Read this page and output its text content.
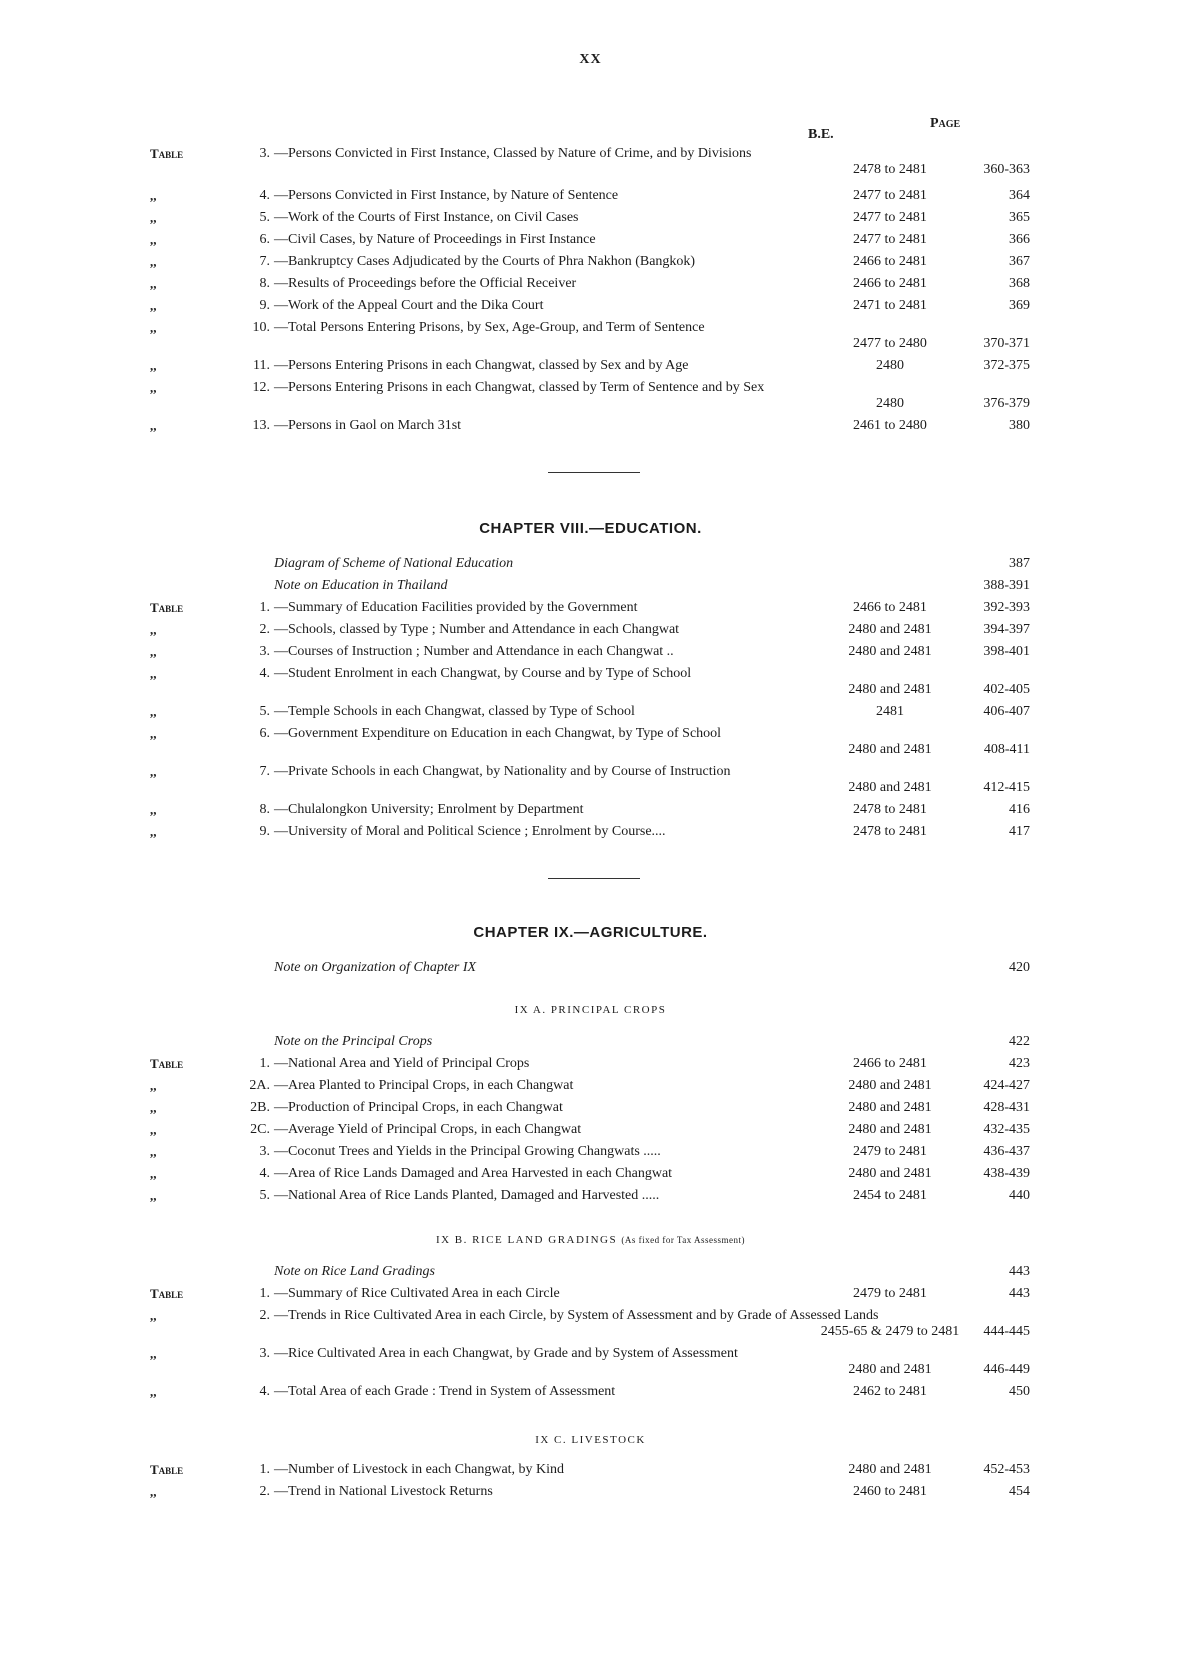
XX
B.E.
Page
Table	3. —Persons Convicted in First Instance, Classed by Nature of Crime, and by Divisions
2478 to 2481	360-363
,,	4. —Persons Convicted in First Instance, by Nature of Sentence	2477 to 2481	364
,,	5. —Work of the Courts of First Instance, on Civil Cases	2477 to 2481	365
,,	6. —Civil Cases, by Nature of Proceedings in First Instance	2477 to 2481	366
,,	7. —Bankruptcy Cases Adjudicated by the Courts of Phra Nakhon (Bangkok)	2466 to 2481	367
,,	8. —Results of Proceedings before the Official Receiver	2466 to 2481	368
,,	9. —Work of the Appeal Court and the Dika Court	2471 to 2481	369
,,	10. —Total Persons Entering Prisons, by Sex, Age-Group, and Term of Sentence
2477 to 2480	370-371
,,	11. —Persons Entering Prisons in each Changwat, classed by Sex and by Age	2480	372-375
,,	12. —Persons Entering Prisons in each Changwat, classed by Term of Sentence and by Sex
2480	376-379
,,	13. —Persons in Gaol on March 31st	2461 to 2480	380
CHAPTER VIII.—EDUCATION.
Diagram of Scheme of National Education	387
Note on Education in Thailand	388-391
Table	1. —Summary of Education Facilities provided by the Government	2466 to 2481	392-393
,,	2. —Schools, classed by Type ; Number and Attendance in each Changwat	2480 and 2481	394-397
,,	3. —Courses of Instruction ; Number and Attendance in each Changwat ..	2480 and 2481	398-401
,,	4. —Student Enrolment in each Changwat, by Course and by Type of School
2480 and 2481	402-405
,,	5. —Temple Schools in each Changwat, classed by Type of School	2481	406-407
,,	6. —Government Expenditure on Education in each Changwat, by Type of School
2480 and 2481	408-411
,,	7. —Private Schools in each Changwat, by Nationality and by Course of Instruction
2480 and 2481	412-415
,,	8. —Chulalongkon University; Enrolment by Department	2478 to 2481	416
,,	9. —University of Moral and Political Science ; Enrolment by Course....	2478 to 2481	417
CHAPTER IX.—AGRICULTURE.
Note on Organization of Chapter IX	420
IX A. PRINCIPAL CROPS
Note on the Principal Crops	422
Table	1. —National Area and Yield of Principal Crops	2466 to 2481	423
,,	2A. —Area Planted to Principal Crops, in each Changwat	2480 and 2481	424-427
,,	2B. —Production of Principal Crops, in each Changwat	2480 and 2481	428-431
,,	2C. —Average Yield of Principal Crops, in each Changwat	2480 and 2481	432-435
,,	3. —Coconut Trees and Yields in the Principal Growing Changwats .....	2479 to 2481	436-437
,,	4. —Area of Rice Lands Damaged and Area Harvested in each Changwat	2480 and 2481	438-439
,,	5. —National Area of Rice Lands Planted, Damaged and Harvested .....	2454 to 2481	440
IX B. RICE LAND GRADINGS (As fixed for Tax Assessment)
Note on Rice Land Gradings	443
Table	1. —Summary of Rice Cultivated Area in each Circle	2479 to 2481	443
,,	2. —Trends in Rice Cultivated Area in each Circle, by System of Assessment and by Grade of Assessed Lands
2455-65 & 2479 to 2481	444-445
,,	3. —Rice Cultivated Area in each Changwat, by Grade and by System of Assessment
2480 and 2481	446-449
,,	4. —Total Area of each Grade : Trend in System of Assessment	2462 to 2481	450
IX C. LIVESTOCK
Table	1. —Number of Livestock in each Changwat, by Kind	2480 and 2481	452-453
,,	2. —Trend in National Livestock Returns	2460 to 2481	454
